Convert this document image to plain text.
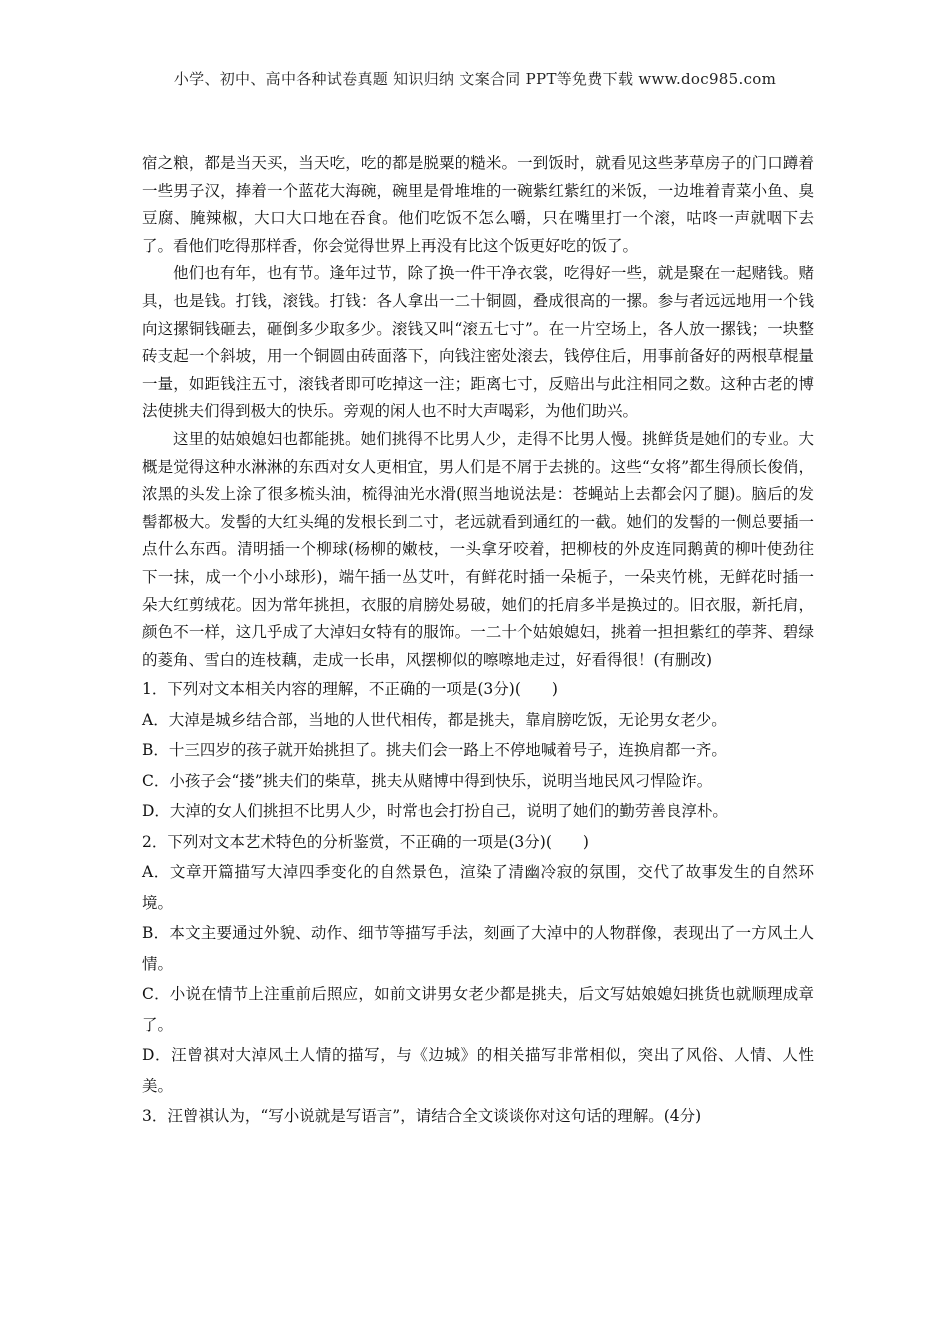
小学、初中、高中各种试卷真题 知识归纳 文案合同 PPT等免费下载 www.doc985.com

宿之粮，都是当天买，当天吃，吃的都是脱粟的糙米。一到饭时，就看见这些茅草房子的门口蹲着一些男子汉，捧着一个蓝花大海碗，碗里是骨堆堆的一碗紫红紫红的米饭，一边堆着青菜小鱼、臭豆腐、腌辣椒，大口大口地在吞食。他们吃饭不怎么嚼，只在嘴里打一个滚，咕咚一声就咽下去了。看他们吃得那样香，你会觉得世界上再没有比这个饭更好吃的饭了。

他们也有年，也有节。逢年过节，除了换一件干净衣裳，吃得好一些，就是聚在一起赌钱。赌具，也是钱。打钱，滚钱。打钱：各人拿出一二十铜圆，叠成很高的一摞。参与者远远地用一个钱向这摞铜钱砸去，砸倒多少取多少。滚钱又叫“滚五七寸”。在一片空场上，各人放一摞钱；一块整砖支起一个斜坡，用一个铜圆由砖面落下，向钱注密处滚去，钱停住后，用事前备好的两根草棍量一量，如距钱注五寸，滚钱者即可吃掉这一注；距离七寸，反赔出与此注相同之数。这种古老的博法使挑夫们得到极大的快乐。旁观的闲人也不时大声喝彩，为他们助兴。

这里的姑娘媳妇也都能挑。她们挑得不比男人少，走得不比男人慢。挑鲜货是她们的专业。大概是觉得这种水淋淋的东西对女人更相宜，男人们是不屑于去挑的。这些“女将”都生得颀长俊俏，浓黑的头发上涂了很多梳头油，梳得油光水滑(照当地说法是：苍蝇站上去都会闪了腿)。脑后的发髻都极大。发髻的大红头绳的发根长到二寸，老远就看到通红的一截。她们的发髻的一侧总要插一点什么东西。清明插一个柳球(杨柳的嫩枝，一头拿牙咬着，把柳枝的外皮连同鹅黄的柳叶使劲往下一抹，成一个小小球形)，端午插一丛艾叶，有鲜花时插一朵栀子，一朵夹竹桃，无鲜花时插一朵大红剪绒花。因为常年挑担，衣服的肩膀处易破，她们的托肩多半是换过的。旧衣服，新托肩，颜色不一样，这几乎成了大淖妇女特有的服饰。一二十个姑娘媳妇，挑着一担担紫红的荸荠、碧绿的菱角、雪白的连枝藕，走成一长串，风摆柳似的嚓嚓地走过，好看得很！(有删改)

1．下列对文本相关内容的理解，不正确的一项是(3分)(　　)

A．大淖是城乡结合部，当地的人世代相传，都是挑夫，靠肩膀吃饭，无论男女老少。

B．十三四岁的孩子就开始挑担了。挑夫们会一路上不停地喊着号子，连换肩都一齐。

C．小孩子会“搂”挑夫们的柴草，挑夫从赌博中得到快乐，说明当地民风刁悍险诈。

D．大淖的女人们挑担不比男人少，时常也会打扮自己，说明了她们的勤劳善良淳朴。

2．下列对文本艺术特色的分析鉴赏，不正确的一项是(3分)(　　)

A．文章开篇描写大淖四季变化的自然景色，渲染了清幽冷寂的氛围，交代了故事发生的自然环境。

B．本文主要通过外貌、动作、细节等描写手法，刻画了大淖中的人物群像，表现出了一方风土人情。

C．小说在情节上注重前后照应，如前文讲男女老少都是挑夫，后文写姑娘媳妇挑货也就顺理成章了。

D．汪曾祺对大淖风土人情的描写，与《边城》的相关描写非常相似，突出了风俗、人情、人性美。

3．汪曾祺认为，“写小说就是写语言”，请结合全文谈谈你对这句话的理解。(4分)
